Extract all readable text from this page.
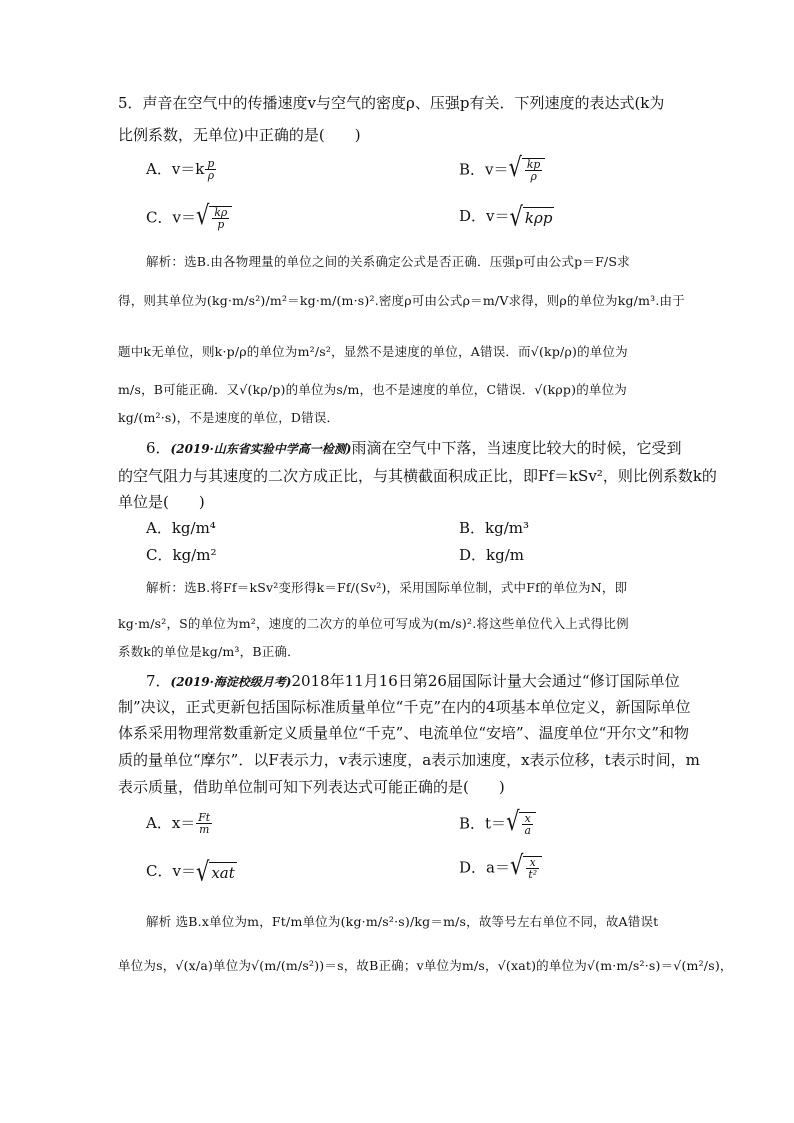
5．声音在空气中的传播速度v与空气的密度ρ、压强p有关．下列速度的表达式(k为
比例系数，无单位)中正确的是(　　)
A．$v=k \frac{p}{\rho}$	B．v＝ √ $\frac{kp}{\rho}$
C．v＝ √ $\frac{k\rho}{p}$	D．v＝ √ kρp
解析：选B.由各物理量的单位之间的关系确定公式是否正确．压强p可由公式p＝F/S求
得，则其单位为(kg·m/s²)/m²＝kg·m/(m·s)².密度ρ可由公式ρ＝m/V求得，则ρ的单位为kg/m³.由于
题中k无单位，则k·p/ρ的单位为m²/s²，显然不是速度的单位，A错误．而√(kp/ρ)的单位为
m/s，B可能正确．又√(kρ/p)的单位为s/m，也不是速度的单位，C错误．√(kρp)的单位为
kg/(m²·s)，不是速度的单位，D错误．
6．(2019·山东省实验中学高一检测)雨滴在空气中下落，当速度比较大的时候，它受到
的空气阻力与其速度的二次方成正比，与其横截面积成正比，即Ff＝kSv²，则比例系数k的
单位是(　　)
A．kg/m⁴	B．kg/m³
C．kg/m²	D．kg/m
解析：选B.将Ff＝kSv²变形得k＝Ff/(Sv²)，采用国际单位制，式中Ff的单位为N，即
kg·m/s²，S的单位为m²，速度的二次方的单位可写成为(m/s)².将这些单位代入上式得比例
系数k的单位是kg/m³，B正确．
7．(2019·海淀校级月考)2018年11月16日第26届国际计量大会通过“修订国际单位
制”决议，正式更新包括国际标准质量单位“千克”在内的4项基本单位定义，新国际单位
体系采用物理常数重新定义质量单位“千克”、电流单位“安培”、温度单位“开尔文”和物
质的量单位“摩尔”．以F表示力，v表示速度，a表示加速度，x表示位移，t表示时间，m
表示质量，借助单位制可知下列表达式可能正确的是(　　)
A．$x= \frac{Ft}{m}$	B．t＝ √ $\frac{x}{a}$
C．v＝ √ xat	D．a＝ √ $\frac{x}{\text{t²}}$
解析 选B.x单位为m，Ft/m单位为(kg·m/s²·s)/kg＝m/s，故等号左右单位不同，故A错误t
单位为s，√(x/a)单位为√(m/(m/s²))＝s，故B正确；v单位为m/s，√(xat)的单位为√(m·m/s²·s)＝√(m²/s)，
